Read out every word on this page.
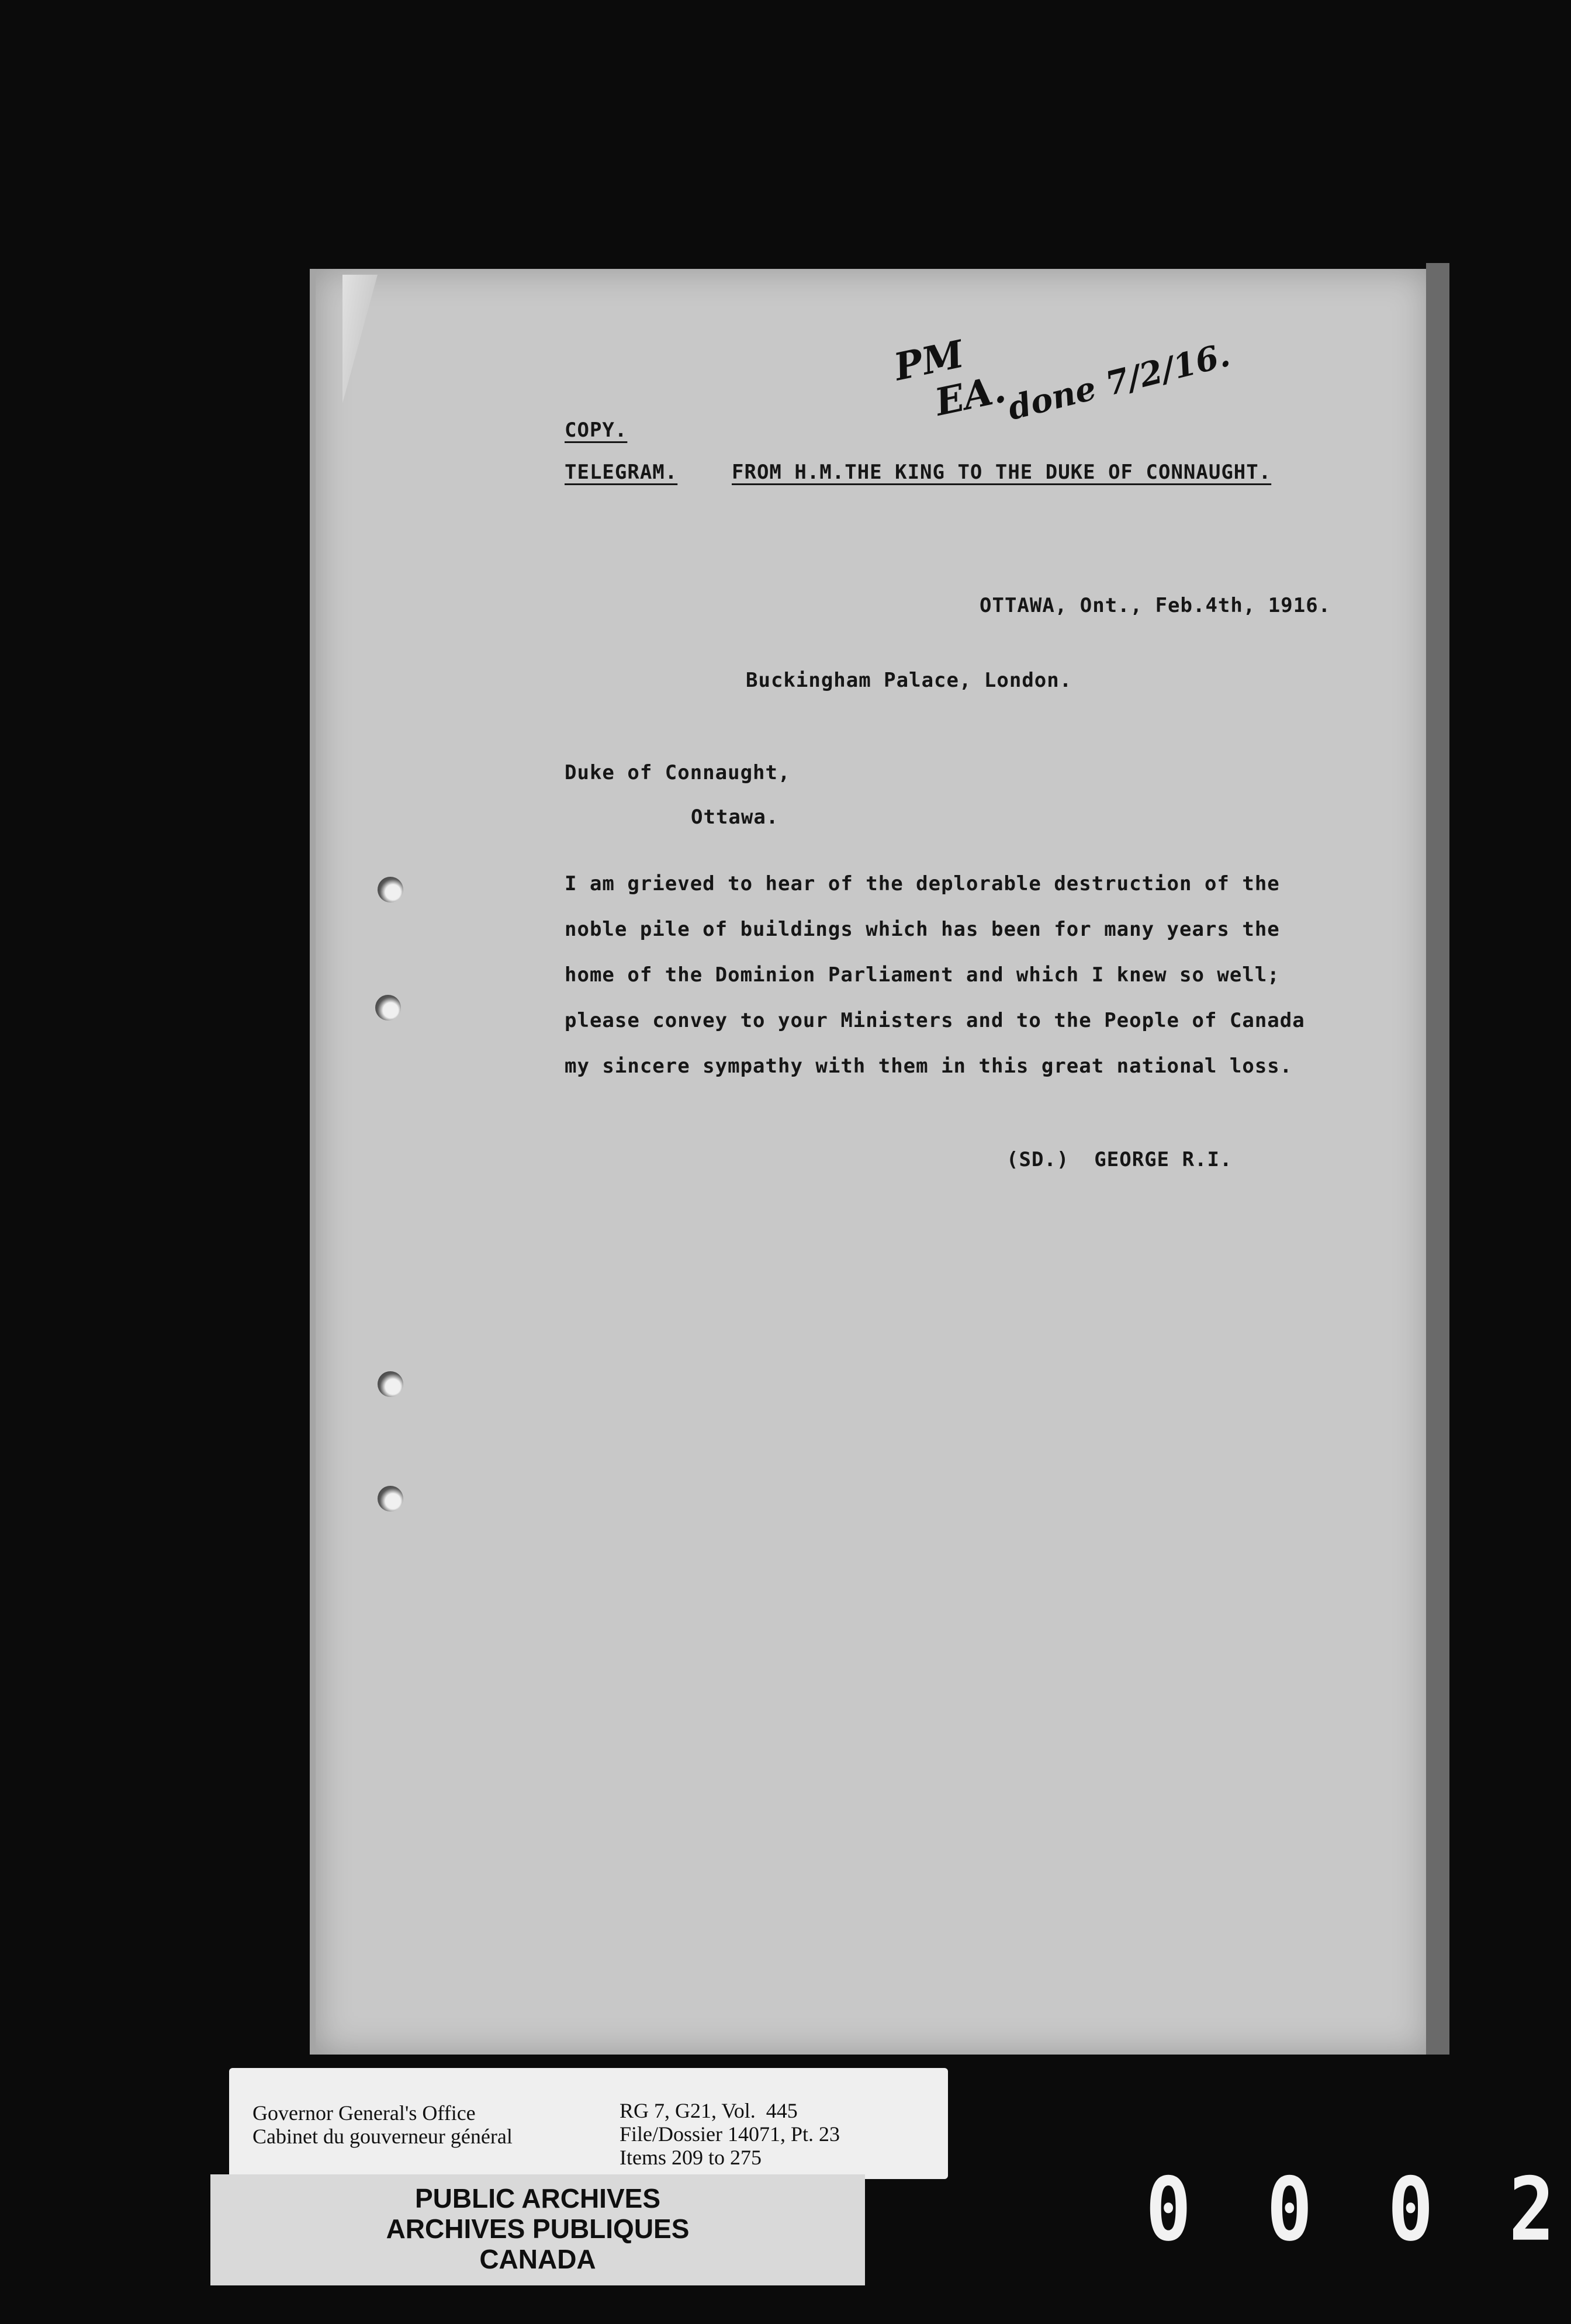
PM
EA.
done 7/2/16.

COPY.

TELEGRAM.	FROM H.M.THE KING TO THE DUKE OF CONNAUGHT.

OTTAWA, Ont., Feb.4th, 1916.

Buckingham Palace, London.

Duke of Connaught,

Ottawa.

I am grieved to hear of the deplorable destruction of the

noble pile of buildings which has been for many years the

home of the Dominion Parliament and which I knew so well;

please convey to your Ministers and to the People of Canada

my sincere sympathy with them in this great national loss.

(SD.)  GEORGE R.I.

Governor General's Office
Cabinet du gouverneur général
RG 7, G21, Vol.  445
File/Dossier 14071, Pt. 23
Items 209 to 275
PUBLIC ARCHIVES
ARCHIVES PUBLIQUES
CANADA	0 0 0 2
